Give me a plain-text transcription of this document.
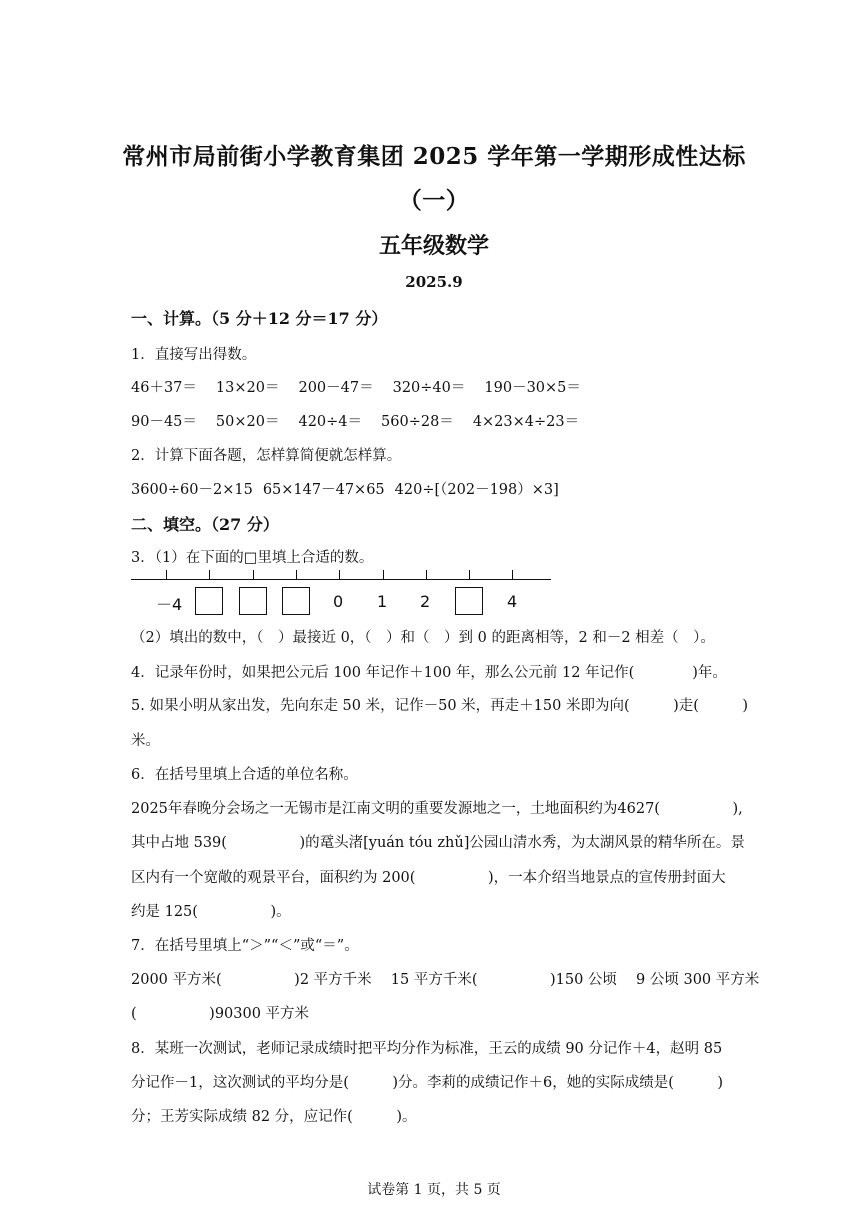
常州市局前街小学教育集团 2025 学年第一学期形成性达标
（一）
五年级数学
2025.9
一、计算。（5 分＋12 分＝17 分）
1．直接写出得数。
46＋37＝ 13×20＝ 200－47＝ 320÷40＝ 190－30×5＝
90－45＝ 50×20＝ 420÷4＝ 560÷28＝ 4×23×4÷23＝
2．计算下面各题，怎样算简便就怎样算。
3600÷60－2×15 65×147－47×65 420÷[（202－198）×3]
二、填空。（27 分）
3．（1）在下面的□里填上合适的数。
－4	0 1 2	4
（2）填出的数中，（　）最接近 0，（　）和（　）到 0 的距离相等，2 和－2 相差（　）。
4．记录年份时，如果把公元后 100 年记作＋100 年，那么公元前 12 年记作(　　　　)年。
5. 如果小明从家出发，先向东走 50 米，记作－50 米，再走＋150 米即为向(　　　)走(　　　)
米。
6．在括号里填上合适的单位名称。
2025年春晚分会场之一无锡市是江南文明的重要发源地之一，土地面积约为4627(　　　　　),
其中占地 539(　　　　　)的鼋头渚[yuán tóu zhǔ]公园山清水秀，为太湖风景的精华所在。景
区内有一个宽敞的观景平台，面积约为 200(　　　　　)，一本介绍当地景点的宣传册封面大
约是 125(　　　　　)。
7．在括号里填上“＞”“＜”或“＝”。
2000 平方米(　　　　　)2 平方千米　 15 平方千米(　　　　　)150 公顷　 9 公顷 300 平方米
(　　　　　)90300 平方米
8．某班一次测试，老师记录成绩时把平均分作为标准，王云的成绩 90 分记作＋4，赵明 85
分记作－1，这次测试的平均分是(　　　)分。李莉的成绩记作＋6，她的实际成绩是(　　　)
分；王芳实际成绩 82 分，应记作(　　　)。
试卷第 1 页，共 5 页
